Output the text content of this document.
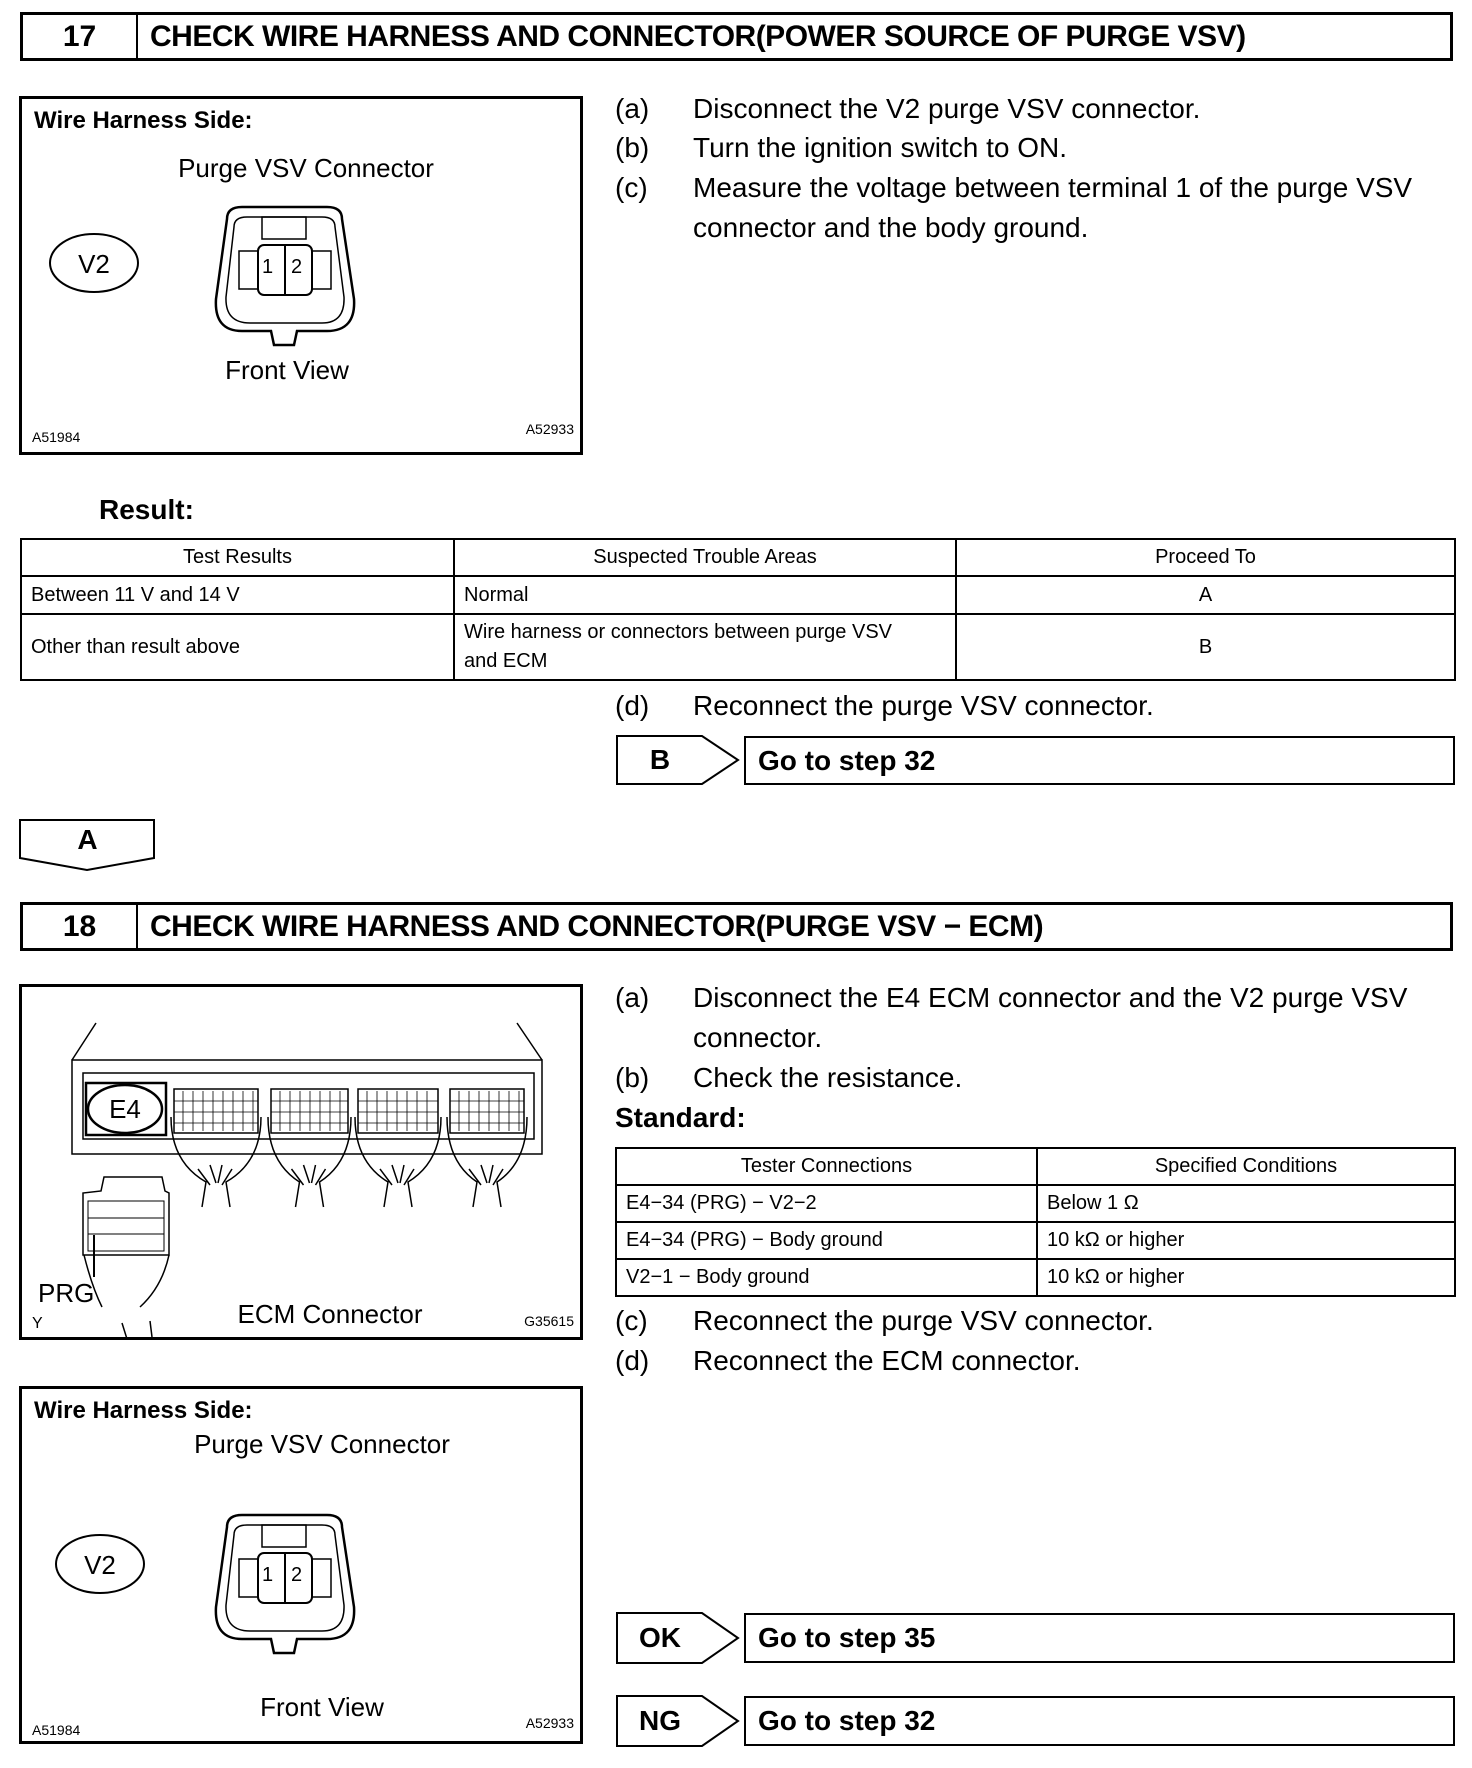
17	CHECK WIRE HARNESS AND CONNECTOR(POWER SOURCE OF PURGE VSV)
Wire Harness Side:
Purge VSV Connector
V2	1 2
Front View
A51984	A52933
(a) Disconnect the V2 purge VSV connector.
(b) Turn the ignition switch to ON.
(c) Measure the voltage between terminal 1 of the purge VSV
connector and the body ground.
Result:
Test Results	Suspected Trouble Areas	Proceed To
Between 11 V and 14 V	Normal	A
Other than result above	Wire harness or connectors between purge VSV
and ECM	B
(d) Reconnect the purge VSV connector.
B	Go to step 32
A
18	CHECK WIRE HARNESS AND CONNECTOR(PURGE VSV − ECM)
E4
PRG
ECM Connector
Y	G35615
(a) Disconnect the E4 ECM connector and the V2 purge VSV
connector.
(b) Check the resistance.
Standard:
Tester Connections	Specified Conditions
E4−34 (PRG) − V2−2	Below 1 Ω
E4−34 (PRG) − Body ground	10 kΩ or higher
V2−1 − Body ground	10 kΩ or higher
(c) Reconnect the purge VSV connector.
(d) Reconnect the ECM connector.
Wire Harness Side:
Purge VSV Connector
V2	1 2
Front View
A51984	A52933
OK	Go to step 35
NG	Go to step 32
